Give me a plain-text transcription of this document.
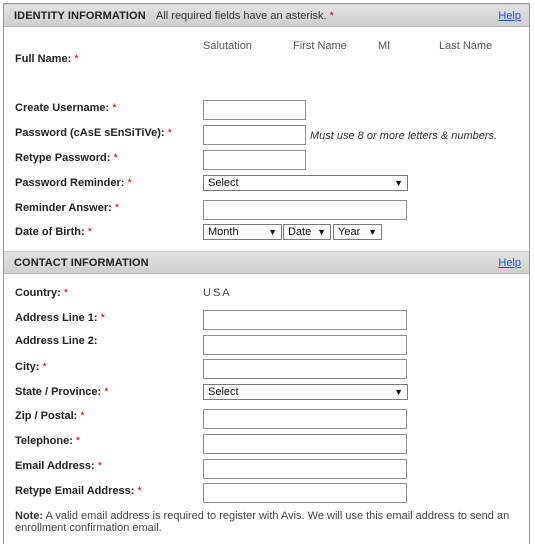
IDENTITY INFORMATION All required fields have an asterisk. *	Help
Full Name: *
Salutation	First Name	MI	Last Name
Create Username: *
Password (cAsE sEnSiTiVe): *	Must use 8 or more letters & numbers.
Retype Password: *
Password Reminder: *	Select	▼
Reminder Answer: *
Date of Birth: *	Month	▼	Date ▼	Year ▼
CONTACT INFORMATION	Help
Country: *	USA
Address Line 1: *
Address Line 2:
City: *
State / Province: *	Select	▼
Zip / Postal: *
Telephone: *
Email Address: *
Retype Email Address: *
Note: A valid email address is required to register with Avis. We will use this email address to send an enrollment confirmation email.
